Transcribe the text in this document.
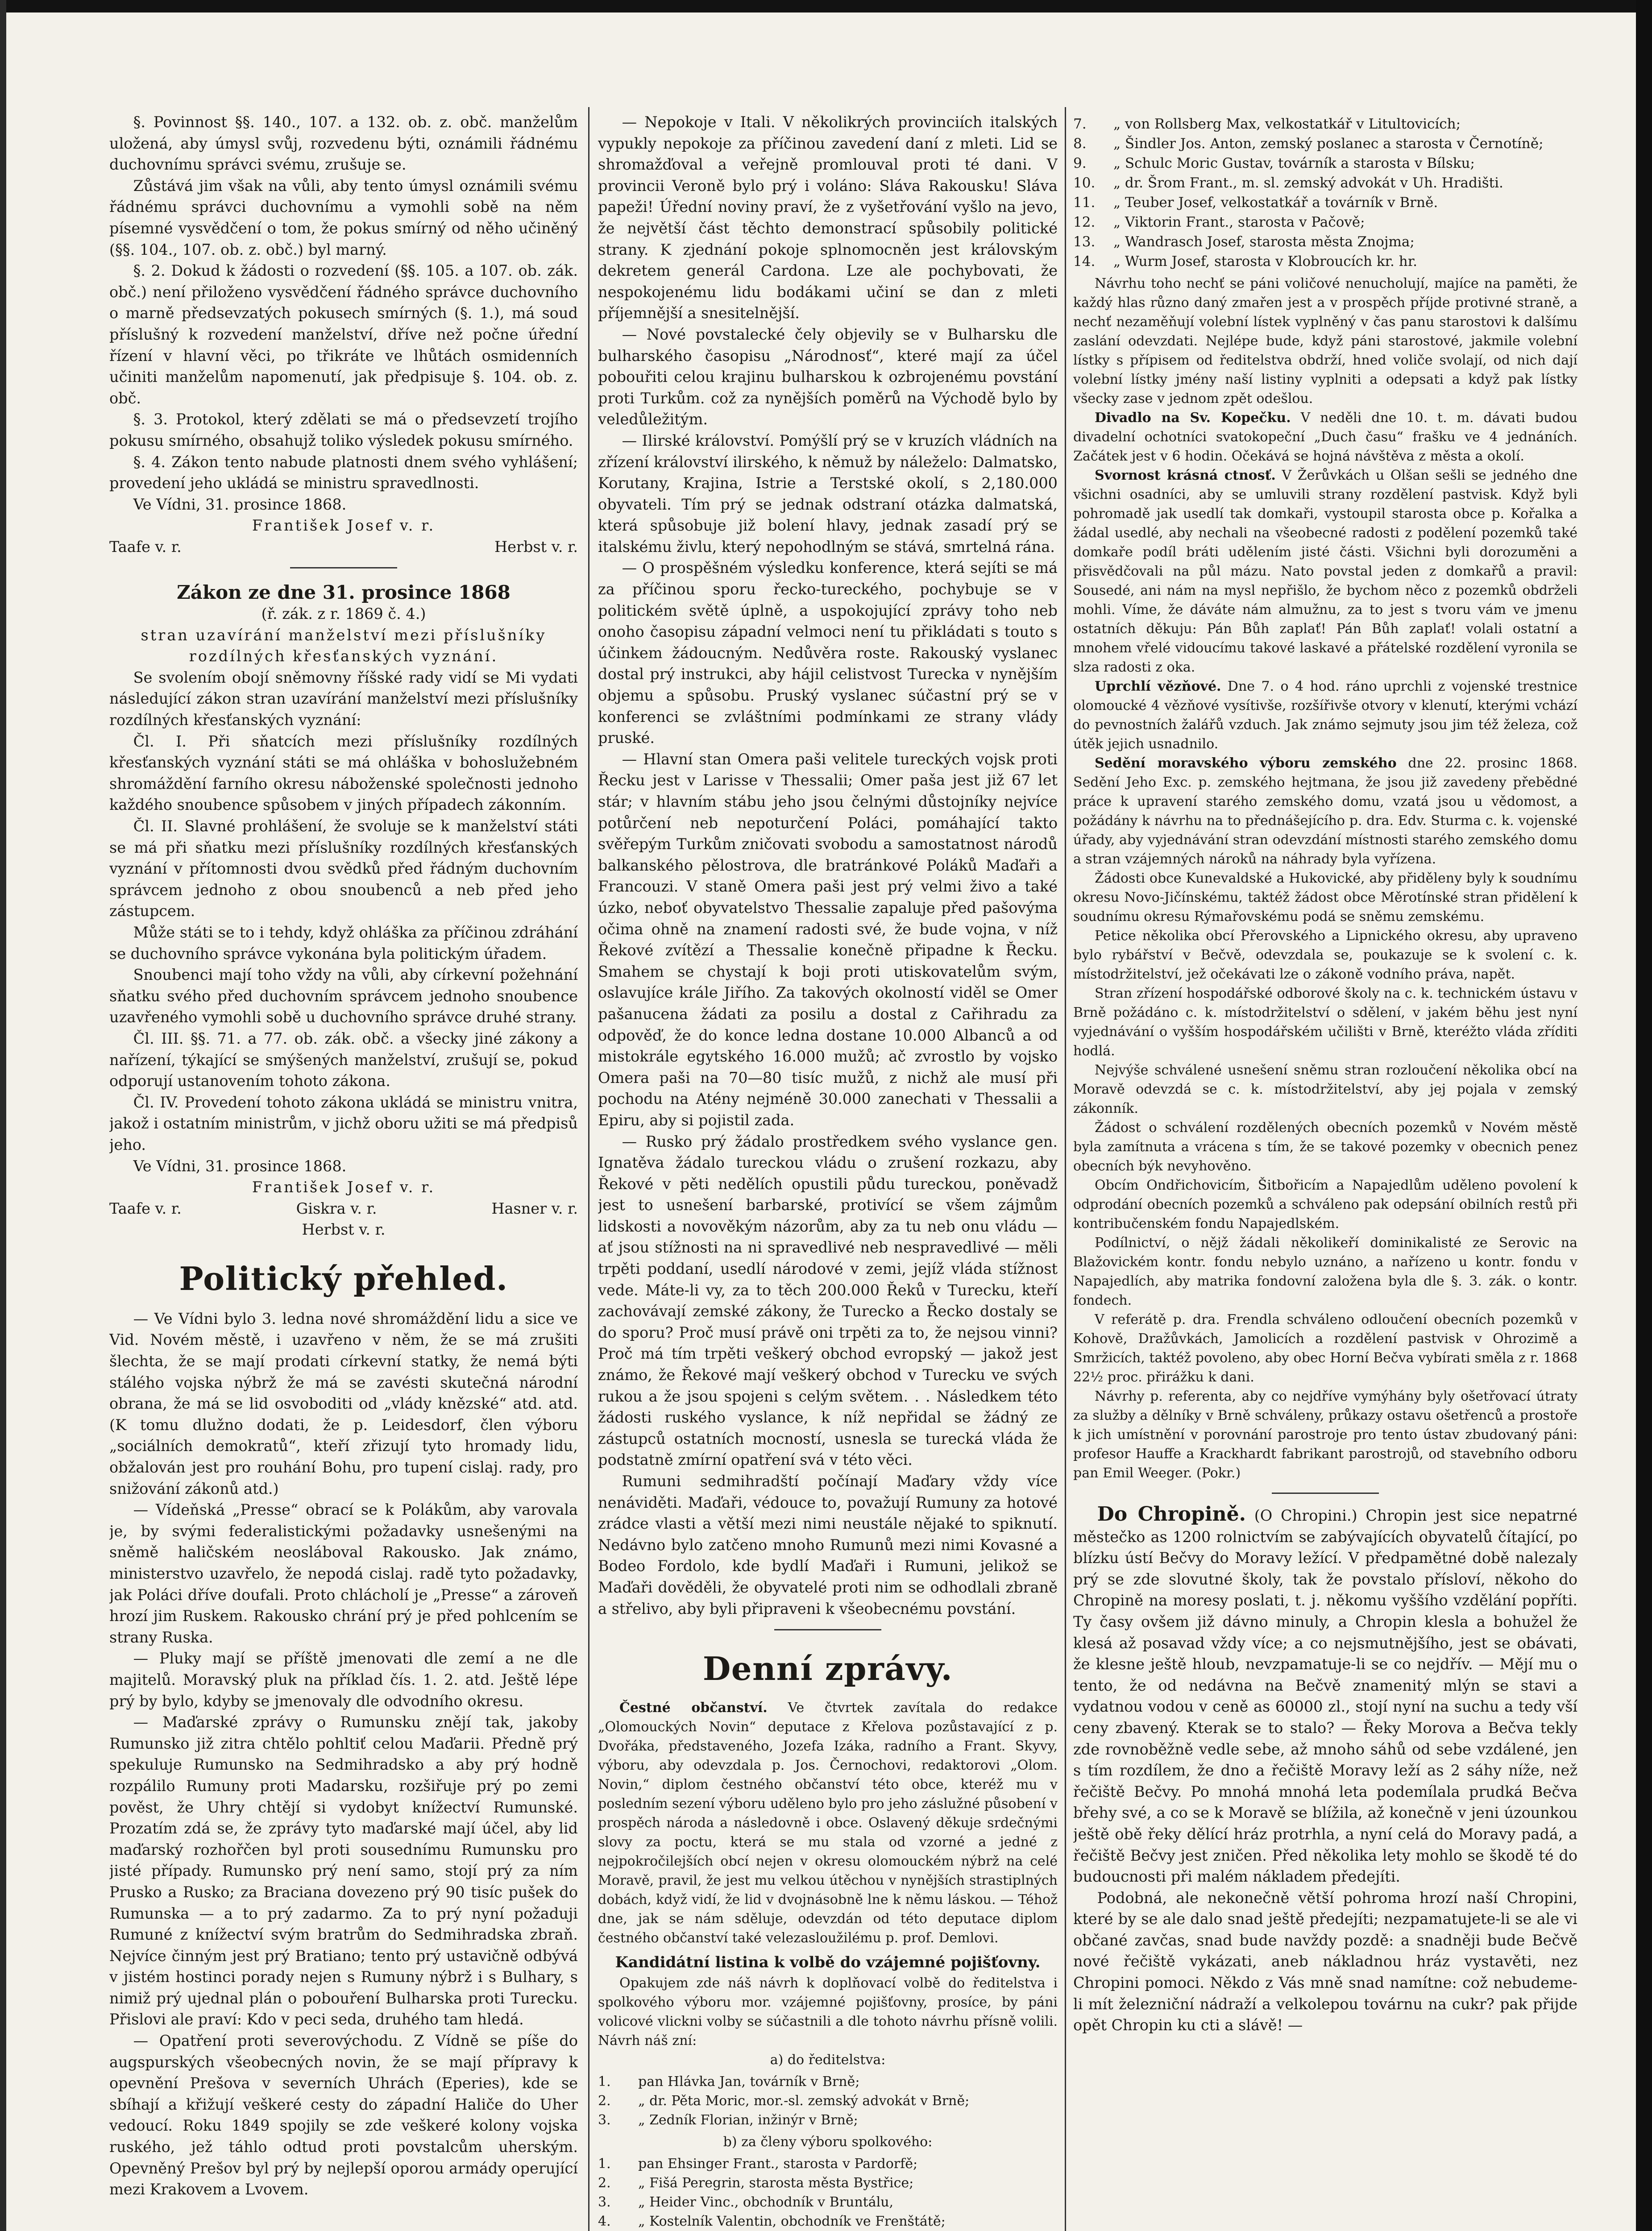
§. Povinnost §§. 140., 107. a 132. ob. z. obč. manželům uložená, aby úmysl svůj, rozvedenu býti, oznámili řádnému duchovnímu správci svému, zrušuje se.

Zůstává jim však na vůli, aby tento úmysl oznámili svému řádnému správci duchovnímu a vymohli sobě na něm písemné vysvědčení o tom, že pokus smírný od něho učiněný (§§. 104., 107. ob. z. obč.) byl marný.

§. 2. Dokud k žádosti o rozvedení (§§. 105. a 107. ob. zák. obč.) není přiloženo vysvědčení řádného správce duchovního o marně předsevzatých pokusech smírných (§. 1.), má soud příslušný k rozvedení manželství, dříve než počne úřední řízení v hlavní věci, po třikráte ve lhůtách osmidenních učiniti manželům napomenutí, jak předpisuje §. 104. ob. z. obč.

§. 3. Protokol, který zdělati se má o předsevzetí trojího pokusu smírného, obsahujž toliko výsledek pokusu smírného.

§. 4. Zákon tento nabude platnosti dnem svého vyhlášení; provedení jeho ukládá se ministru spravedlnosti.

Ve Vídni, 31. prosince 1868.

František Josef v. r.

Taafe v. r.	Herbst v. r.

Zákon ze dne 31. prosince 1868

(ř. zák. z r. 1869 č. 4.)

stran uzavírání manželství mezi příslušníky rozdílných křesťanských vyznání.

Se svolením obojí sněmovny říšské rady vidí se Mi vydati následující zákon stran uzavírání manželství mezi příslušníky rozdílných křesťanských vyznání:

Čl. I. Při sňatcích mezi příslušníky rozdílných křesťanských vyznání státi se má ohláška v bohoslužebném shromáždění farního okresu náboženské společnosti jednoho každého snoubence spůsobem v jiných případech zákonním.

Čl. II. Slavné prohlášení, že svoluje se k manželství státi se má při sňatku mezi příslušníky rozdílných křesťanských vyznání v přítomnosti dvou svědků před řádným duchovním správcem jednoho z obou snoubenců a neb před jeho zástupcem.

Může státi se to i tehdy, když ohláška za příčinou zdráhání se duchovního správce vykonána byla politickým úřadem.

Snoubenci mají toho vždy na vůli, aby církevní požehnání sňatku svého před duchovním správcem jednoho snoubence uzavřeného vymohli sobě u duchovního správce druhé strany.

Čl. III. §§. 71. a 77. ob. zák. obč. a všecky jiné zákony a nařízení, týkající se smýšených manželství, zrušují se, pokud odporují ustanovením tohoto zákona.

Čl. IV. Provedení tohoto zákona ukládá se ministru vnitra, jakož i ostatním ministrům, v jichž oboru užiti se má předpisů jeho.

Ve Vídni, 31. prosince 1868.

František Josef v. r.

Taafe v. r.	Giskra v. r.	Hasner v. r.

Herbst v. r.

Politický přehled.

— Ve Vídni bylo 3. ledna nové shromáždění lidu a sice ve Vid. Novém městě, i uzavřeno v něm, že se má zrušiti šlechta, že se mají prodati církevní statky, že nemá býti stálého vojska nýbrž že má se zavésti skutečná národní obrana, že má se lid osvoboditi od „vlády knězské“ atd. atd. (K tomu dlužno dodati, že p. Leidesdorf, člen výboru „sociálních demokratů“, kteří zřizují tyto hromady lidu, obžalován jest pro rouhání Bohu, pro tupení cislaj. rady, pro snižování zákonů atd.)

— Vídeňská „Presse“ obrací se k Polákům, aby varovala je, by svými federalistickými požadavky usnešenými na sněmě haličském neosláboval Rakousko. Jak známo, ministerstvo uzavřelo, že nepodá cislaj. radě tyto požadavky, jak Poláci dříve doufali. Proto chlácholí je „Presse“ a zároveň hrozí jim Ruskem. Rakousko chrání prý je před pohlcením se strany Ruska.

— Pluky mají se příště jmenovati dle zemí a ne dle majitelů. Moravský pluk na příklad čís. 1. 2. atd. Ještě lépe prý by bylo, kdyby se jmenovaly dle odvodního okresu.

— Maďarské zprávy o Rumunsku znějí tak, jakoby Rumunsko již zitra chtělo pohltiť celou Maďarii. Předně prý spekuluje Rumunsko na Sedmihradsko a aby prý hodně rozpálilo Rumuny proti Madarsku, rozšiřuje prý po zemi pověst, že Uhry chtějí si vydobyt knížectví Rumunské. Prozatím zdá se, že zprávy tyto maďarské mají účel, aby lid maďarský rozhořčen byl proti sousednímu Rumunsku pro jisté případy. Rumunsko prý není samo, stojí prý za ním Prusko a Rusko; za Braciana dovezeno prý 90 tisíc pušek do Rumunska — a to prý zadarmo. Za to prý nyní požaduji Rumuné z knížectví svým bratrům do Sedmihradska zbraň. Nejvíce činným jest prý Bratiano; tento prý ustavičně odbývá v jistém hostinci porady nejen s Rumuny nýbrž i s Bulhary, s nimiž prý ujednal plán o pobouření Bulharska proti Turecku. Přislovi ale praví: Kdo v peci seda, druhého tam hledá.

— Opatření proti severovýchodu. Z Vídně se píše do augspurských všeobecných novin, že se mají přípravy k opevnění Prešova v severních Uhrách (Eperies), kde se sbíhají a křižují veškeré cesty do západní Haliče do Uher vedoucí. Roku 1849 spojily se zde veškeré kolony vojska ruského, jež táhlo odtud proti povstalcům uherským. Opevněný Prešov byl prý by nejlepší oporou armády operující mezi Krakovem a Lvovem.

— Nepokoje v Itali. V několikrých provinciích italských vypukly nepokoje za příčinou zavedení daní z mleti. Lid se shromažďoval a veřejně promlouval proti té dani. V provincii Veroně bylo prý i voláno: Sláva Rakousku! Sláva papeži! Úřední noviny praví, že z vyšetřování vyšlo na jevo, že největší část těchto demonstrací spůsobily politické strany. K zjednání pokoje splnomocněn jest královským dekretem generál Cardona. Lze ale pochybovati, že nespokojenému lidu bodákami učiní se dan z mleti příjemnější a snesitelnější.

— Nové povstalecké čely objevily se v Bulharsku dle bulharského časopisu „Národnosť“, které mají za účel pobouřiti celou krajinu bulharskou k ozbrojenému povstání proti Turkům. což za nynějších poměrů na Východě bylo by veledůležitým.

— Ilirské království. Pomýšlí prý se v kruzích vládních na zřízení království ilirského, k němuž by náleželo: Dalmatsko, Korutany, Krajina, Istrie a Terstské okolí, s 2,180.000 obyvateli. Tím prý se jednak odstraní otázka dalmatská, která spůsobuje již bolení hlavy, jednak zasadí prý se italskému živlu, který nepohodlným se stává, smrtelná rána.

— O prospěšném výsledku konference, která sejíti se má za příčinou sporu řecko-tureckého, pochybuje se v politickém světě úplně, a uspokojující zprávy toho neb onoho časopisu západní velmoci není tu přikládati s touto s účinkem žádoucným. Nedůvěra roste. Rakouský vyslanec dostal prý instrukci, aby hájil celistvost Turecka v nynějším objemu a spůsobu. Pruský vyslanec súčastní prý se v konferenci se zvláštními podmínkami ze strany vlády pruské.

— Hlavní stan Omera paši velitele tureckých vojsk proti Řecku jest v Larisse v Thessalii; Omer paša jest již 67 let stár; v hlavním stábu jeho jsou čelnými důstojníky nejvíce potůrčení neb nepoturčení Poláci, pomáhající takto svěřepým Turkům zničovati svobodu a samostatnost národů balkanského pělostrova, dle bratránkové Poláků Maďaři a Francouzi. V staně Omera paši jest prý velmi živo a také úzko, neboť obyvatelstvo Thessalie zapaluje před pašovýma očima ohně na znamení radosti své, že bude vojna, v níž Řekové zvítězí a Thessalie konečně připadne k Řecku. Smahem se chystají k boji proti utiskovatelům svým, oslavujíce krále Jiřího. Za takových okolností viděl se Omer pašanucena žádati za posilu a dostal z Cařihradu za odpověď, že do konce ledna dostane 10.000 Albanců a od mistokrále egytského 16.000 mužů; ač zvrostlo by vojsko Omera paši na 70—80 tisíc mužů, z nichž ale musí při pochodu na Atény nejméně 30.000 zanechati v Thessalii a Epiru, aby si pojistil zada.

— Rusko prý žádalo prostředkem svého vyslance gen. Ignatěva žádalo tureckou vládu o zrušení rozkazu, aby Řekové v pěti nedělích opustili půdu tureckou, poněvadž jest to usnešení barbarské, protivící se všem zájmům lidskosti a novověkým názorům, aby za tu neb onu vládu — ať jsou stížnosti na ni spravedlivé neb nespravedlivé — měli trpěti poddaní, usedlí národové v zemi, jejíž vláda stížnost vede. Máte-li vy, za to těch 200.000 Řeků v Turecku, kteří zachovávají zemské zákony, že Turecko a Řecko dostaly se do sporu? Proč musí právě oni trpěti za to, že nejsou vinni? Proč má tím trpěti veškerý obchod evropský — jakož jest známo, že Řekové mají veškerý obchod v Turecku ve svých rukou a že jsou spojeni s celým světem. . . Následkem této žádosti ruského vyslance, k níž nepřidal se žádný ze zástupců ostatních mocností, usnesla se turecká vláda že podstatně zmírní opatření svá v této věci.

Rumuni sedmihradští počínají Maďary vždy více nenáviděti. Maďaři, védouce to, považují Rumuny za hotové zrádce vlasti a větší mezi nimi neustále nějaké to spiknutí. Nedávno bylo zatčeno mnoho Rumunů mezi nimi Kovasné a Bodeo Fordolo, kde bydlí Maďaři i Rumuni, jelikož se Maďaři dověděli, že obyvatelé proti nim se odhodlali zbraně a střelivo, aby byli připraveni k všeobecnému povstání.

Denní zprávy.

Čestné občanství. Ve čtvrtek zavítala do redakce „Olomouckých Novin“ deputace z Křelova pozůstavající z p. Dvořáka, představeného, Jozefa Izáka, radního a Frant. Skyvy, výboru, aby odevzdala p. Jos. Černochovi, redaktorovi „Olom. Novin,“ diplom čestného občanství této obce, kteréž mu v posledním sezení výboru uděleno bylo pro jeho záslužné působení v prospěch národa a následovně i obce. Oslavený děkuje srdečnými slovy za poctu, která se mu stala od vzorné a jedné z nejpokročilejších obcí nejen v okresu olomouckém nýbrž na celé Moravě, pravil, že jest mu velkou útěchou v nynějších strastiplných dobách, když vidí, že lid v dvojnásobně lne k němu láskou. — Téhož dne, jak se nám sděluje, odevzdán od této deputace diplom čestného občanství také velezasloužilému p. prof. Demlovi.

Kandidátní listina k volbě do vzájemné pojišťovny.

Opakujem zde náš návrh k doplňovací volbě do ředitelstva i spolkového výboru mor. vzájemné pojišťovny, prosíce, by páni volicové vlickni volby se súčastnili a dle tohoto návrhu přísně volili. Návrh náš zní:

a) do ředitelstva:

1.	pan Hlávka Jan, továrník v Brně;
2.	„ dr. Pěta Moric, mor.-sl. zemský advokát v Brně;
3.	„ Zedník Florian, inžinýr v Brně;

b) za členy výboru spolkového:

1.	pan Ehsinger Frant., starosta v Pardorfě;
2.	„ Fišá Peregrin, starosta města Bystřice;
3.	„ Heider Vinc., obchodník v Bruntálu,
4.	„ Kostelník Valentin, obchodník ve Frenštátě;
7.	„ von Rollsberg Max, velkostatkář v Litultovicích;
8.	„ Šindler Jos. Anton, zemský poslanec a starosta v Černotíně;
9.	„ Schulc Moric Gustav, továrník a starosta v Bílsku;
10.	„ dr. Šrom Frant., m. sl. zemský advokát v Uh. Hradišti.
11.	„ Teuber Josef, velkostatkář a továrník v Brně.
12.	„ Viktorin Frant., starosta v Pačově;
13.	„ Wandrasch Josef, starosta města Znojma;
14.	„ Wurm Josef, starosta v Klobroucích kr. hr.

Návrhu toho nechť se páni voličové nenucholují, majíce na paměti, že každý hlas různo daný zmařen jest a v prospěch příjde protivné straně, a nechť nezaměňují volební lístek vyplněný v čas panu starostovi k dalšímu zaslání odevzdati. Nejlépe bude, když páni starostové, jakmile volební lístky s přípisem od ředitelstva obdrží, hned voliče svolají, od nich dají volební lístky jmény naší listiny vyplniti a odepsati a když pak lístky všecky zase v jednom zpět odešlou.

Divadlo na Sv. Kopečku. V neděli dne 10. t. m. dávati budou divadelní ochotníci svatokopeční „Duch času“ frašku ve 4 jednáních. Začátek jest v 6 hodin. Očekává se hojná návštěva z města a okolí.

Svornost krásná ctnosť. V Žerůvkách u Olšan sešli se jedného dne všichni osadníci, aby se umluvili strany rozdělení pastvisk. Když byli pohromadě jak usedlí tak domkaři, vystoupil starosta obce p. Kořalka a žádal usedlé, aby nechali na všeobecné radosti z podělení pozemků také domkaře podíl bráti udělením jisté části. Všichni byli dorozuměni a přisvědčovali na půl mázu. Nato povstal jeden z domkařů a pravil: Sousedé, ani nám na mysl nepřišlo, že bychom něco z pozemků obdrželi mohli. Víme, že dáváte nám almužnu, za to jest s tvoru vám ve jmenu ostatních děkuju: Pán Bůh zaplať! Pán Bůh zaplať! volali ostatní a mnohem vřelé vidoucímu takové laskavé a přátelské rozdělení vyronila se slza radosti z oka.

Uprchlí vězňové. Dne 7. o 4 hod. ráno uprchli z vojenské trestnice olomoucké 4 vězňové vysítivše, rozšířivše otvory v klenutí, kterými vchází do pevnostních žalářů vzduch. Jak známo sejmuty jsou jim též železa, což útěk jejich usnadnilo.

Sedění moravského výboru zemského dne 22. prosinc 1868. Sedění Jeho Exc. p. zemského hejtmana, že jsou již zavedeny přebědné práce k upravení starého zemského domu, vzatá jsou u vědomost, a požádány k návrhu na to přednášejícího p. dra. Edv. Sturma c. k. vojenské úřady, aby vyjednávání stran odevzdání místnosti starého zemského domu a stran vzájemných nároků na náhrady byla vyřízena.

Žádosti obce Kunevaldské a Hukovické, aby přiděleny byly k soudnímu okresu Novo-Jičínskému, taktéž žádost obce Měrotínské stran přidělení k soudnímu okresu Rýmařovskému podá se sněmu zemskému.

Petice několika obcí Přerovského a Lipnického okresu, aby upraveno bylo rybářství v Bečvě, odevzdala se, poukazuje se k svolení c. k. místodržitelství, jež očekávati lze o zákoně vodního práva, napět.

Stran zřízení hospodářské odborové školy na c. k. technickém ústavu v Brně požádáno c. k. místodržitelství o sdělení, v jakém běhu jest nyní vyjednávání o vyšším hospodářském učilišti v Brně, kteréžto vláda zříditi hodlá.

Nejvýše schválené usnešení sněmu stran rozloučení několika obcí na Moravě odevzdá se c. k. místodržitelství, aby jej pojala v zemský zákonník.

Žádost o schválení rozdělených obecních pozemků v Novém městě byla zamítnuta a vrácena s tím, že se takové pozemky v obecnich penez obecních býk nevyhověno.

Obcím Ondřichovicím, Šitbořicím a Napajedlům uděleno povolení k odprodání obecních pozemků a schváleno pak odepsání obilních restů při kontribučenském fondu Napajedlském.

Podílnictví, o nějž žádali několikeří dominikalisté ze Serovic na Blažovickém kontr. fondu nebylo uznáno, a nařízeno u kontr. fondu v Napajedlích, aby matrika fondovní založena byla dle §. 3. zák. o kontr. fondech.

V referátě p. dra. Frendla schváleno odloučení obecních pozemků v Kohově, Dražůvkách, Jamolicích a rozdělení pastvisk v Ohrozimě a Smržicích, taktéž povoleno, aby obec Horní Bečva vybírati směla z r. 1868 22½ proc. přirážku k dani.

Návrhy p. referenta, aby co nejdříve vymýhány byly ošetřovací útraty za služby a dělníky v Brně schváleny, průkazy ostavu ošetřenců a prostoře k jich umístnění v porovnání parostroje pro tento ústav zbudovaný páni: profesor Hauffe a Krackhardt fabrikant parostrojů, od stavebního odboru pan Emil Weeger. (Pokr.)

Do Chropině. (O Chropini.) Chropin jest sice nepatrné městečko as 1200 rolnictvím se zabývajících obyvatelů čítající, po blízku ústí Bečvy do Moravy ležící. V předpamětné době nalezaly prý se zde slovutné školy, tak že povstalo přísloví, někoho do Chropině na moresy poslati, t. j. někomu vyššího vzdělání popříti. Ty časy ovšem již dávno minuly, a Chropin klesla a bohužel že klesá až posavad vždy více; a co nejsmutnějšího, jest se obávati, že klesne ještě hloub, nevzpamatuje-li se co nejdřív. — Mějí mu o tento, že od nedávna na Bečvě znamenitý mlýn se stavi a vydatnou vodou v ceně as 60000 zl., stojí nyní na suchu a tedy vší ceny zbavený. Kterak se to stalo? — Řeky Morova a Bečva tekly zde rovnoběžně vedle sebe, až mnoho sáhů od sebe vzdálené, jen s tím rozdílem, že dno a řečiště Moravy leží as 2 sáhy níže, než řečiště Bečvy. Po mnohá mnohá leta podemílala prudká Bečva břehy své, a co se k Moravě se blížila, až konečně v jeni úzounkou ještě obě řeky dělící hráz protrhla, a nyní celá do Moravy padá, a řečiště Bečvy jest zničen. Před několika lety mohlo se škodě té do budoucnosti při malém nákladem předejíti.

Podobná, ale nekonečně větší pohroma hrozí naší Chropini, které by se ale dalo snad ještě předejíti; nezpamatujete-li se ale vi občané zavčas, snad bude navždy pozdě: a snadněji bude Bečvě nové řečiště vykázati, aneb nákladnou hráz vystavěti, nez Chropini pomoci. Někdo z Vás mně snad namítne: což nebudeme-li mít železniční nádraží a velkolepou továrnu na cukr? pak přijde opět Chropin ku cti a slávě! —
